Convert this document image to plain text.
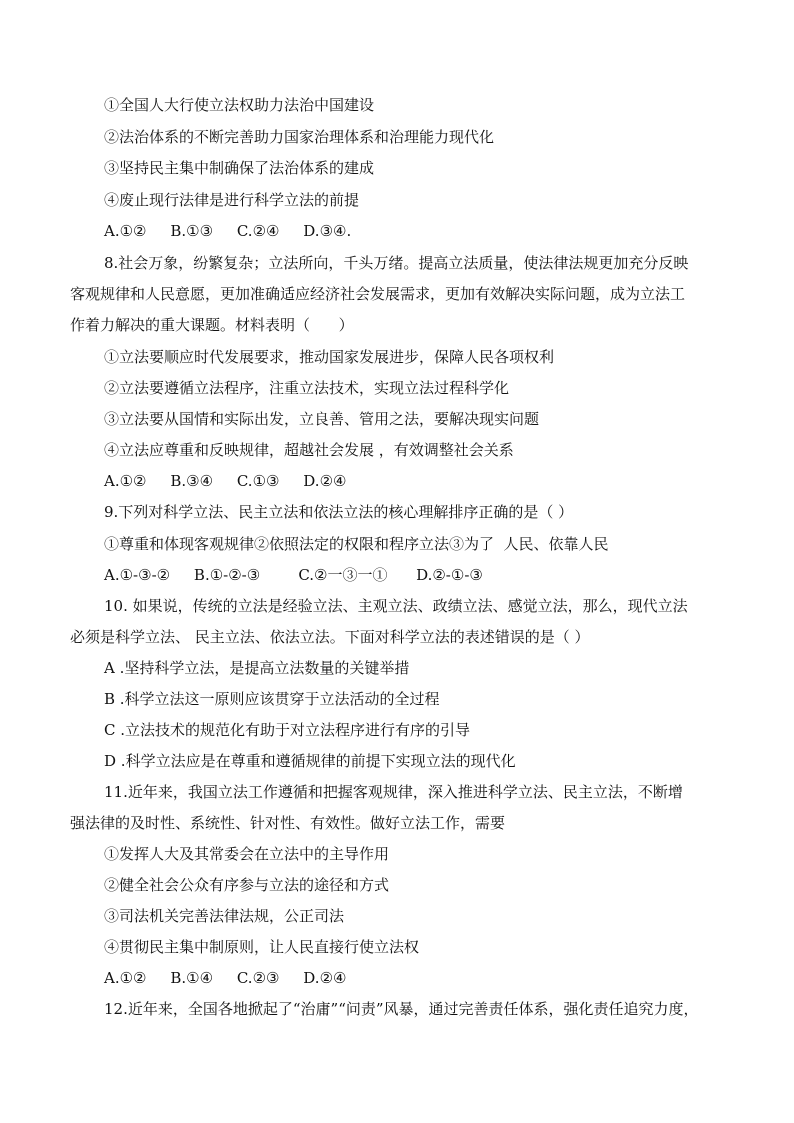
①全国人大行使立法权助力法治中国建设
②法治体系的不断完善助力国家治理体系和治理能力现代化
③坚持民主集中制确保了法治体系的建成
④废止现行法律是进行科学立法的前提
A.①②     B.①③     C.②④     D.③④.
8.社会万象，纷繁复杂；立法所向，千头万绪。提高立法质量，使法律法规更加充分反映
客观规律和人民意愿，更加准确适应经济社会发展需求，更加有效解决实际问题，成为立法工
作着力解决的重大课题。材料表明（      ）
①立法要顺应时代发展要求，推动国家发展进步，保障人民各项权利
②立法要遵循立法程序，注重立法技术，实现立法过程科学化
③立法要从国情和实际出发，立良善、管用之法，要解决现实问题
④立法应尊重和反映规律，超越社会发展 ，有效调整社会关系
A.①②     B.③④     C.①③     D.②④
9.下列对科学立法、民主立法和依法立法的核心理解排序正确的是（ ）
①尊重和体现客观规律②依照法定的权限和程序立法③为了  人民、依靠人民
A.①-③-②     B.①-②-③        C.②一③一①      D.②-①-③
10. 如果说，传统的立法是经验立法、主观立法、政绩立法、感觉立法，那么，现代立法
必须是科学立法、 民主立法、依法立法。下面对科学立法的表述错误的是（ ）
A .坚持科学立法，是提高立法数量的关键举措
B .科学立法这一原则应该贯穿于立法活动的全过程
C .立法技术的规范化有助于对立法程序进行有序的引导
D .科学立法应是在尊重和遵循规律的前提下实现立法的现代化
11.近年来，我国立法工作遵循和把握客观规律，深入推进科学立法、民主立法，不断增
强法律的及时性、系统性、针对性、有效性。做好立法工作，需要
①发挥人大及其常委会在立法中的主导作用
②健全社会公众有序参与立法的途径和方式
③司法机关完善法律法规，公正司法
④贯彻民主集中制原则，让人民直接行使立法权
A.①②     B.①④     C.②③     D.②④
12.近年来，全国各地掀起了“治庸”“问责”风暴，通过完善责任体系，强化责任追究力度，
